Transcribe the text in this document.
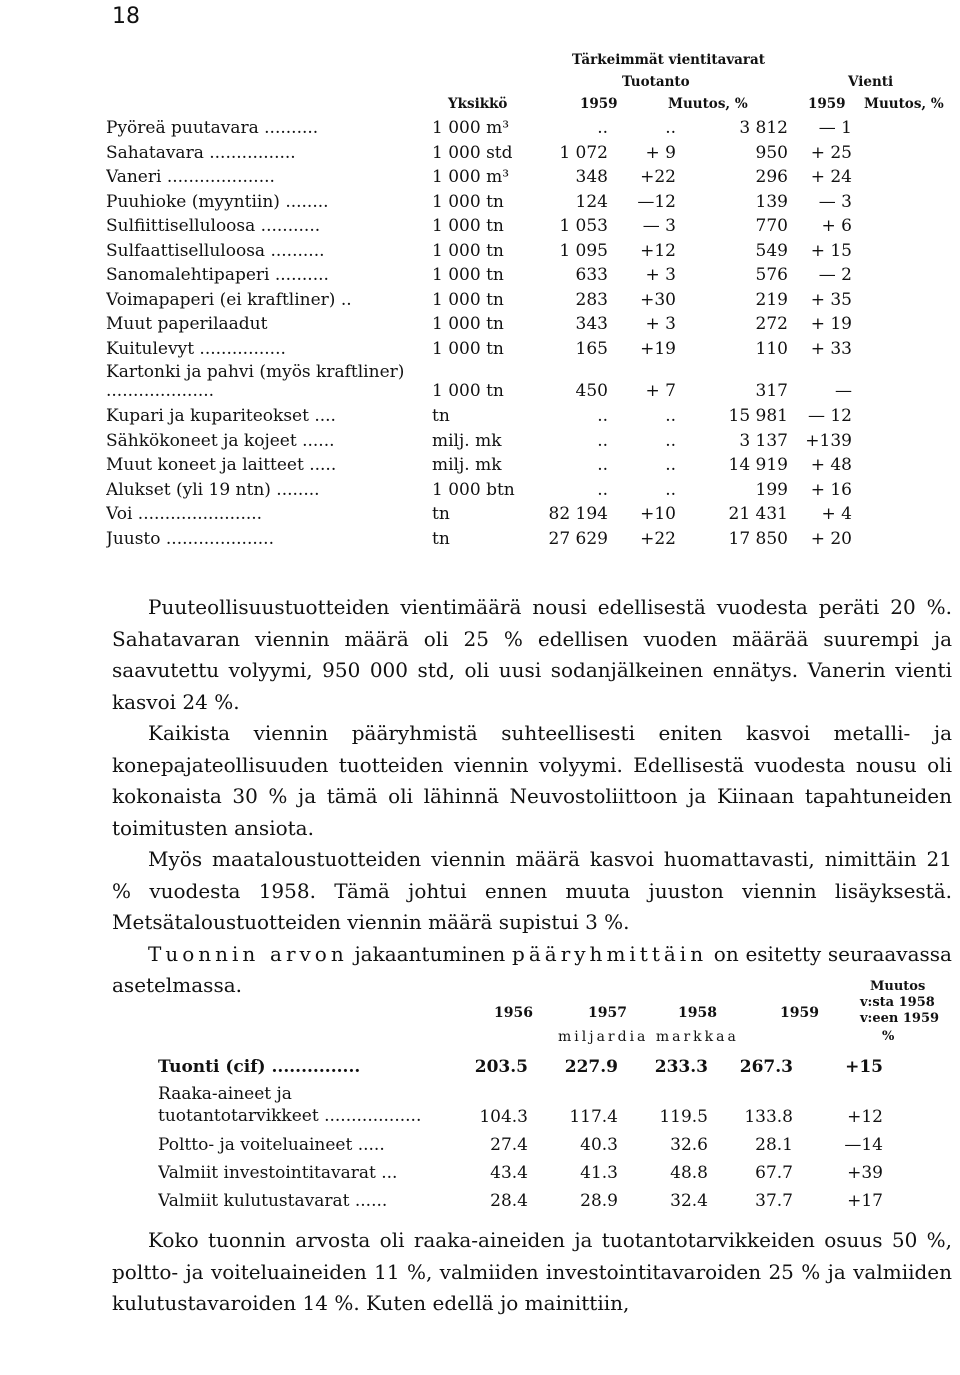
18
Tärkeimmät vientitavarat
Tuotanto	Vienti
Yksikkö	1959	Muutos, %	1959 Muutos, %
Pyöreä puutavara ..........	1 000 m³	..	..	3 812	— 1
Sahatavara ................	1 000 std	1 072	+ 9	950	+ 25
Vaneri ....................	1 000 m³	348	+22	296	+ 24
Puuhioke (myyntiin) ........	1 000 tn	124	—12	139	— 3
Sulfiittiselluloosa ...........	1 000 tn	1 053	— 3	770	+ 6
Sulfaattiselluloosa ..........	1 000 tn	1 095	+12	549	+ 15
Sanomalehtipaperi ..........	1 000 tn	633	+ 3	576	— 2
Voimapaperi (ei kraftliner) ..	1 000 tn	283	+30	219	+ 35
Muut paperilaadut	1 000 tn	343	+ 3	272	+ 19
Kuitulevyt ................	1 000 tn	165	+19	110	+ 33
Kartonki ja pahvi (myös kraftliner) ....................	1 000 tn	450	+ 7	317	—
Kupari ja kupariteokset ....	tn	..	..	15 981	— 12
Sähkökoneet ja kojeet ......	milj. mk	..	..	3 137	+139
Muut koneet ja laitteet .....	milj. mk	..	..	14 919	+ 48
Alukset (yli 19 ntn) ........	1 000 btn	..	..	199	+ 16
Voi .......................	tn	82 194	+10	21 431	+ 4
Juusto ....................	tn	27 629	+22	17 850	+ 20

Puuteollisuustuotteiden vientimäärä nousi edellisestä vuodesta peräti 20 %. Sahatavaran viennin määrä oli 25 % edellisen vuoden määrää suurempi ja saavutettu volyymi, 950 000 std, oli uusi sodanjälkeinen ennätys. Vanerin vienti kasvoi 24 %.

Kaikista viennin pääryhmistä suhteellisesti eniten kasvoi metalli- ja konepajateollisuuden tuotteiden viennin volyymi. Edellisestä vuodesta nousu oli kokonaista 30 % ja tämä oli lähinnä Neuvostoliittoon ja Kiinaan tapahtuneiden toimitusten ansiota.

Myös maataloustuotteiden viennin määrä kasvoi huomattavasti, nimittäin 21 % vuodesta 1958. Tämä johtui ennen muuta juuston viennin lisäyksestä. Metsätaloustuotteiden viennin määrä supistui 3 %.

Tuonnin arvon jakaantuminen pääryhmittäin on esitetty seuraavassa asetelmassa.

1956	1957	1958	1959
miljardia markkaa
Muutos
v:sta 1958
v:een 1959
%
Tuonti (cif) ...............	203.5	227.9	233.3	267.3	+15
Raaka-aineet ja tuotantotarvikkeet ..................	104.3	117.4	119.5	133.8	+12
Poltto- ja voiteluaineet .....	27.4	40.3	32.6	28.1	—14
Valmiit investointitavarat ...	43.4	41.3	48.8	67.7	+39
Valmiit kulutustavarat ......	28.4	28.9	32.4	37.7	+17

Koko tuonnin arvosta oli raaka-aineiden ja tuotantotarvikkeiden osuus 50 %, poltto- ja voiteluaineiden 11 %, valmiiden investointitavaroiden 25 % ja valmiiden kulutustavaroiden 14 %. Kuten edellä jo mainittiin,
